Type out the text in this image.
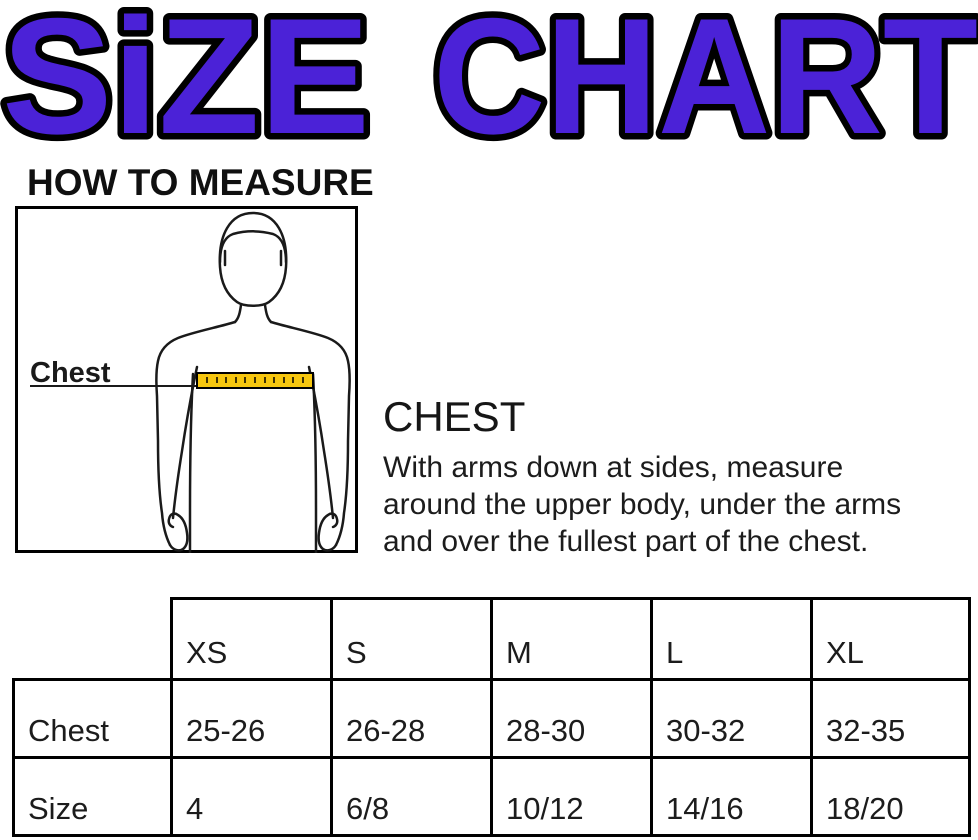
SiZE CHART
HOW TO MEASURE
Chest
CHEST
With arms down at sides, measure
around the upper body, under the arms
and over the fullest part of the chest.
	XS	S	M	L	XL
Chest	25-26	26-28	28-30	30-32	32-35
Size	4	6/8	10/12	14/16	18/20
